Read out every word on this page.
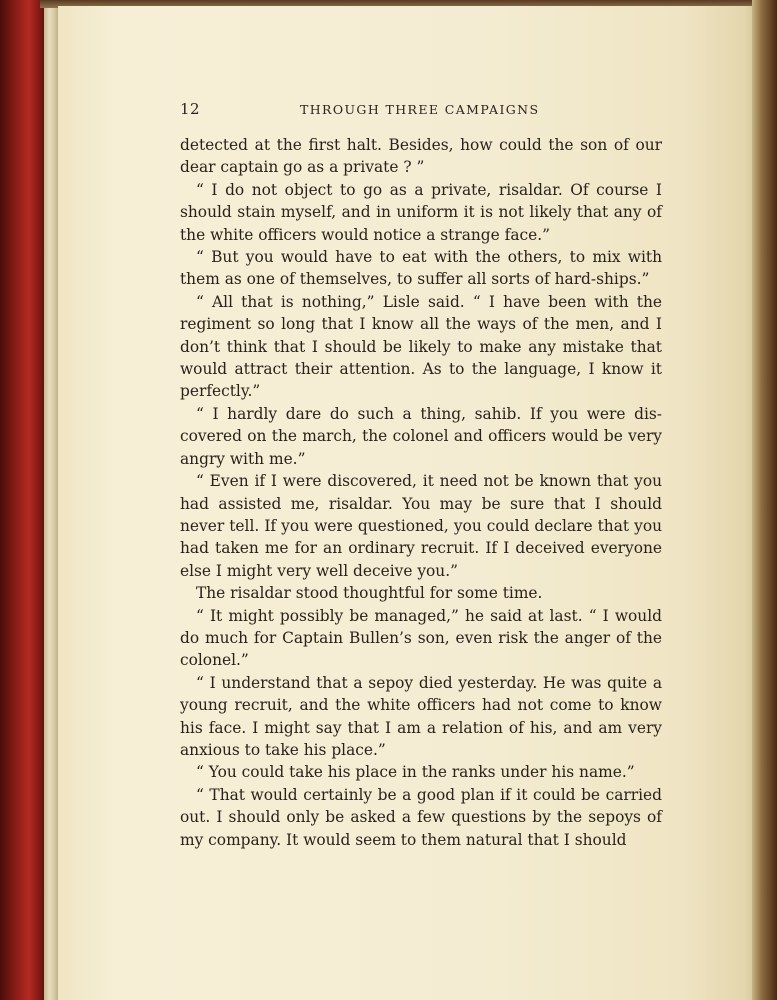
12	THROUGH THREE CAMPAIGNS

detected at the first halt. Besides, how could the son of our dear captain go as a private ? ”

“ I do not object to go as a private, risaldar. Of course I should stain myself, and in uniform it is not likely that any of the white officers would notice a strange face.”

“ But you would have to eat with the others, to mix with them as one of themselves, to suffer all sorts of hard-ships.”

“ All that is nothing,” Lisle said. “ I have been with the regiment so long that I know all the ways of the men, and I don’t think that I should be likely to make any mistake that would attract their attention. As to the language, I know it perfectly.”

“ I hardly dare do such a thing, sahib. If you were dis-covered on the march, the colonel and officers would be very angry with me.”

“ Even if I were discovered, it need not be known that you had assisted me, risaldar. You may be sure that I should never tell. If you were questioned, you could declare that you had taken me for an ordinary recruit. If I deceived everyone else I might very well deceive you.”

The risaldar stood thoughtful for some time.

“ It might possibly be managed,” he said at last. “ I would do much for Captain Bullen’s son, even risk the anger of the colonel.”

“ I understand that a sepoy died yesterday. He was quite a young recruit, and the white officers had not come to know his face. I might say that I am a relation of his, and am very anxious to take his place.”

“ You could take his place in the ranks under his name.”

“ That would certainly be a good plan if it could be carried out. I should only be asked a few questions by the sepoys of my company. It would seem to them natural that I should
